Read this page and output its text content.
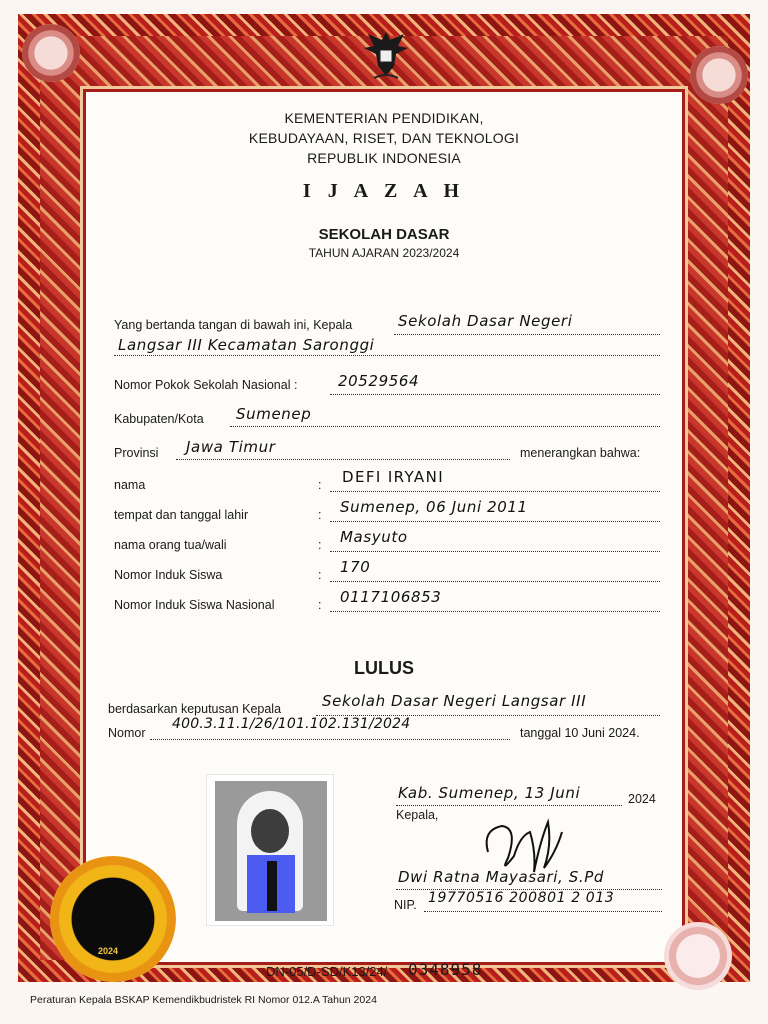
KEMENTERIAN PENDIDIKAN,
KEBUDAYAAN, RISET, DAN TEKNOLOGI
REPUBLIK INDONESIA
I J A Z A H
SEKOLAH DASAR
TAHUN AJARAN 2023/2024
Yang bertanda tangan di bawah ini, Kepala	Sekolah Dasar Negeri
Langsar III Kecamatan Saronggi
Nomor Pokok Sekolah Nasional :	20529564
Kabupaten/Kota Sumenep
Provinsi Jawa Timur	menerangkan bahwa:
nama	: DEFI IRYANI
tempat dan tanggal lahir	: Sumenep, 06 Juni 2011
nama orang tua/wali	: Masyuto
Nomor Induk Siswa	: 170
Nomor Induk Siswa Nasional	: 0117106853
LULUS
berdasarkan keputusan Kepala	Sekolah Dasar Negeri Langsar III
Nomor
400.3.11.1/26/101.102.131/2024
tanggal 10 Juni 2024.
Kab. Sumenep, 13 Juni	2024
Kepala,
Dwi Ratna Mayasari, S.Pd
NIP. 19770516 200801 2 013
2024
DN-05/D-SD/K13/24/ 0348958
Peraturan Kepala BSKAP Kemendikbudristek RI Nomor 012.A Tahun 2024
